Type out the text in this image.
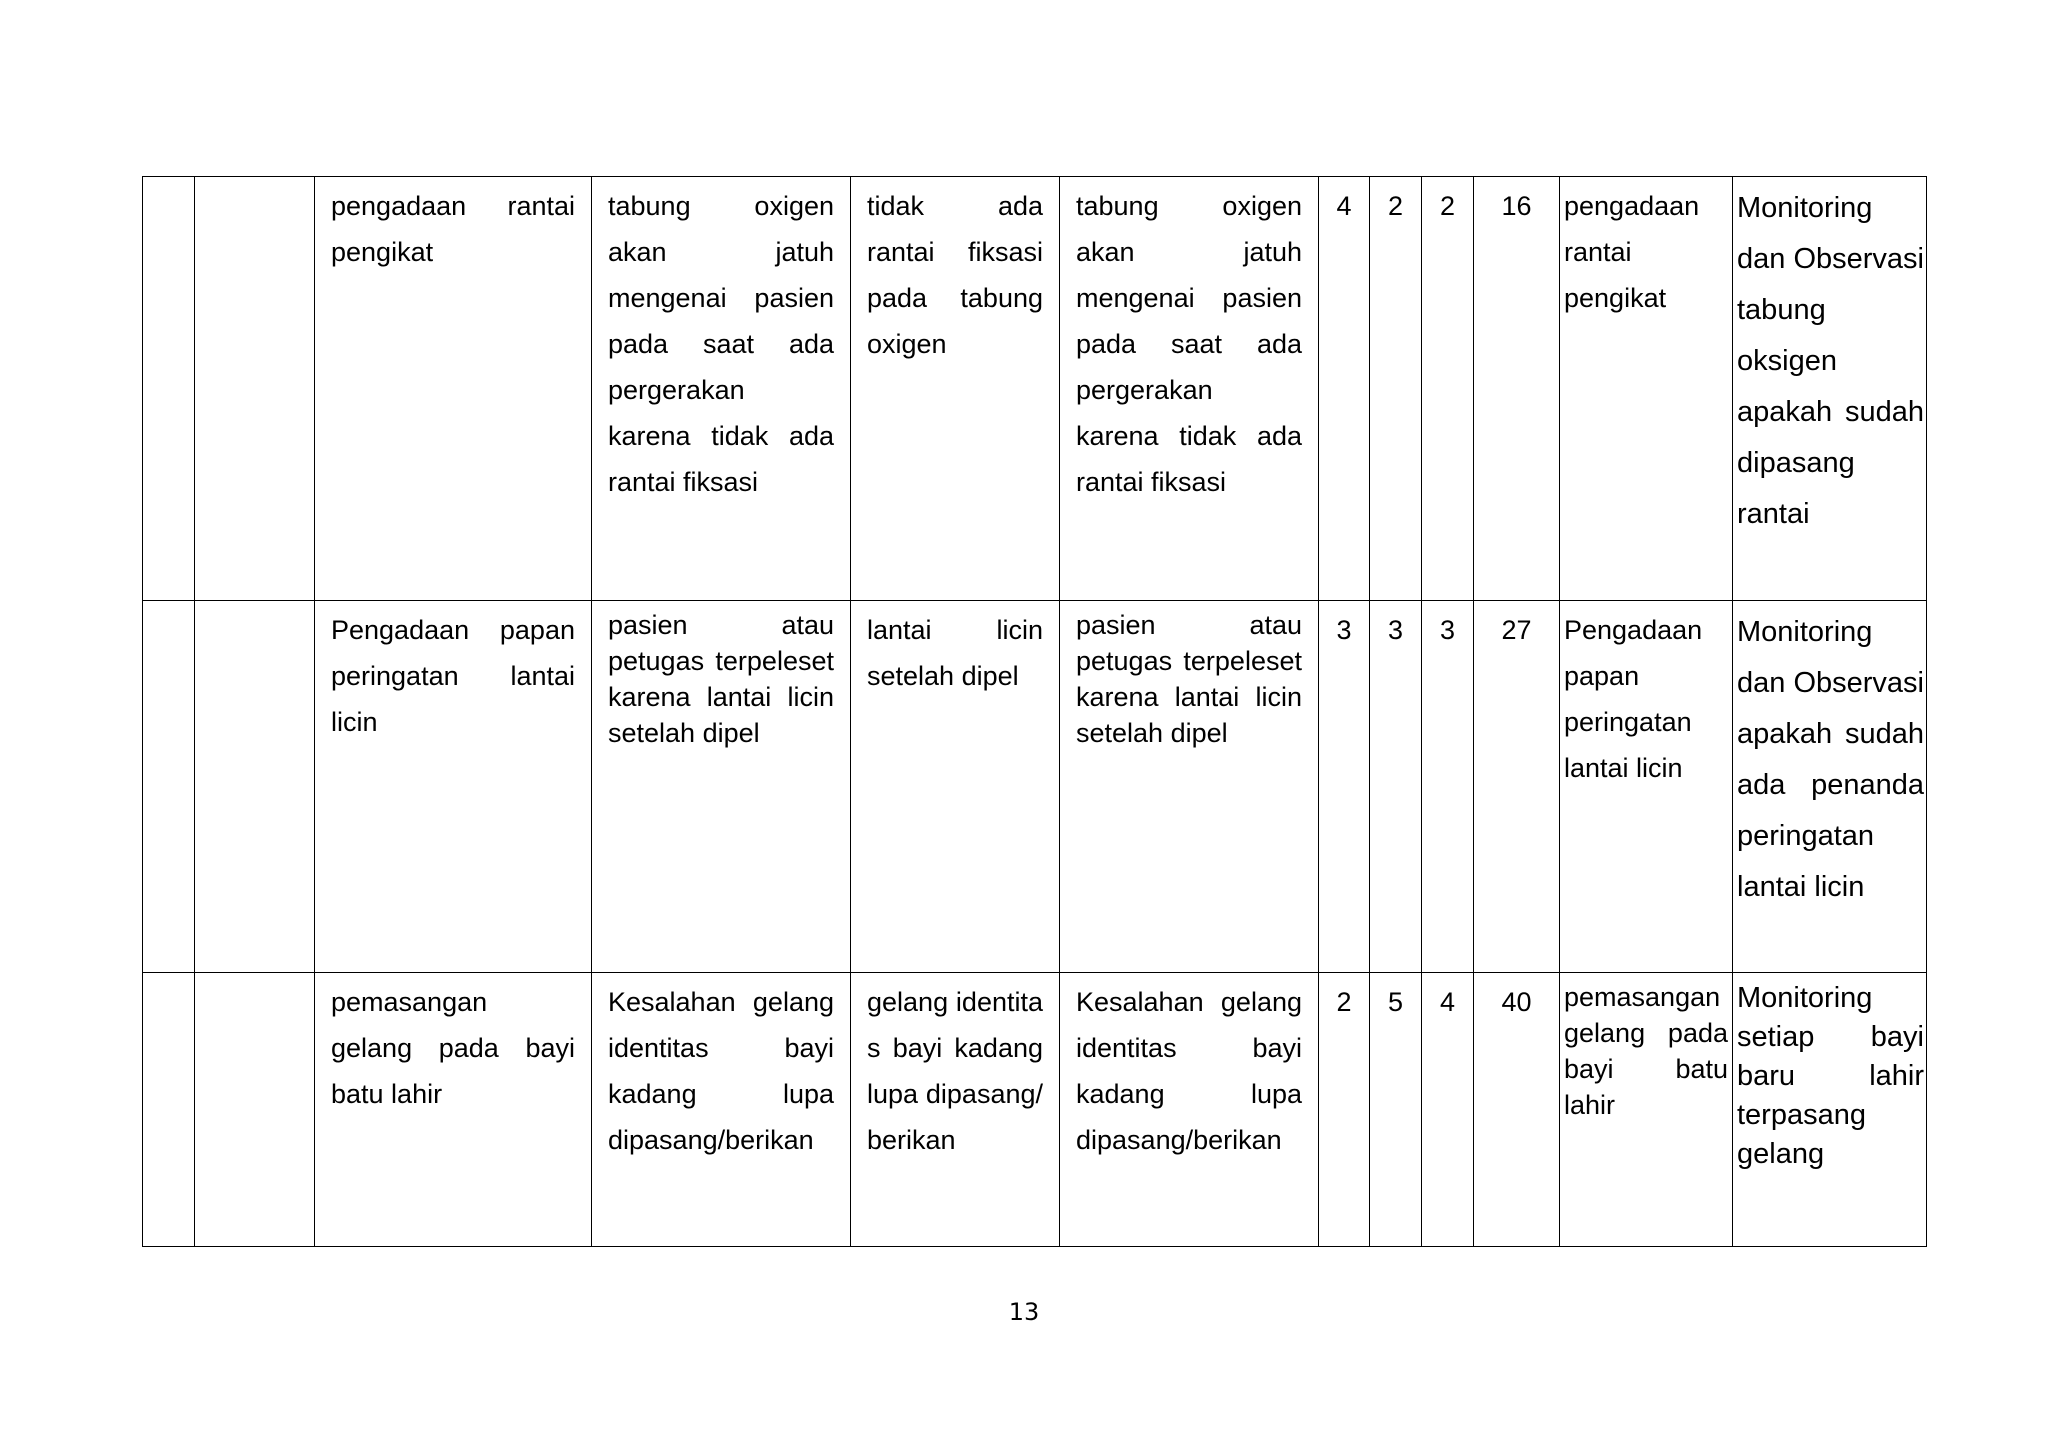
		pengadaan rantai pengikat	tabung oxigen akan jatuh mengenai pasien pada saat ada pergerakan karena tidak ada rantai fiksasi	tidak ada rantai fiksasi pada tabung oxigen	tabung oxigen akan jatuh mengenai pasien pada saat ada pergerakan karena tidak ada rantai fiksasi	4	2	2	16	pengadaan rantai pengikat	Monitoring dan Observasi tabung oksigen apakah sudah dipasang rantai

		Pengadaan papan peringatan lantai licin	pasien atau petugas terpeleset karena lantai licin setelah dipel	lantai licin setelah dipel	pasien atau petugas terpeleset karena lantai licin setelah dipel	3	3	3	27	Pengadaan papan peringatan lantai licin	Monitoring dan Observasi apakah sudah ada penanda peringatan lantai licin

		pemasangan gelang pada bayi batu lahir	Kesalahan gelang identitas bayi kadang lupa dipasang/berikan	gelang identitas bayi kadang lupa dipasang/berikan	Kesalahan gelang identitas bayi kadang lupa dipasang/berikan	2	5	4	40	pemasangan gelang pada bayi batu lahir	Monitoring setiap bayi baru lahir terpasang gelang
13
